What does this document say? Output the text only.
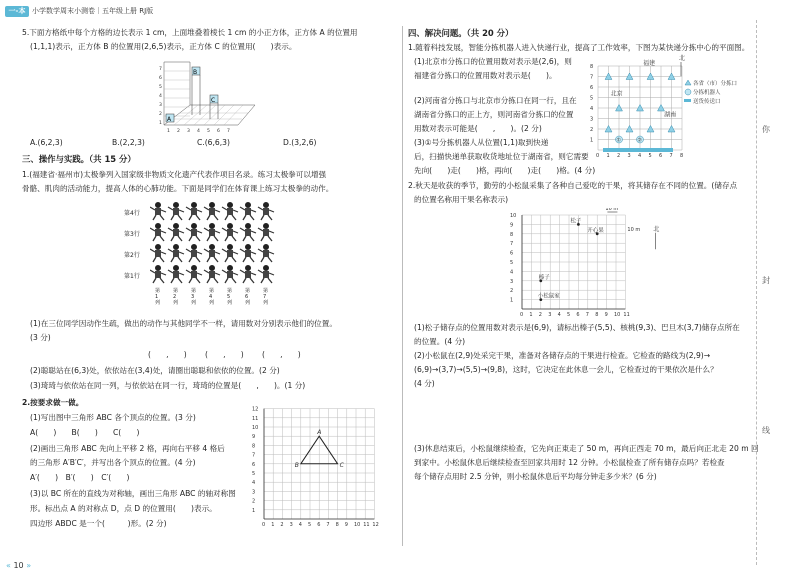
一-本 小学数学周末小测卷｜五年级上册 RJ版
你
封
线
5.下面方格纸中每个方格的边长表示 1 cm，上面堆叠着棱长 1 cm 的小正方体，正方体 A 的位置用
(1,1,1)表示，正方体 B 的位置用(2,6,5)表示，正方体 C 的位置用(　　)表示。
A
B
C
1
2
3
4
5
6
7
1 2 3 4 5 6 7
A.(6,2,3)	B.(2,2,3)	C.(6,6,3)	D.(3,2,6)
三、操作与实践。（共 15 分）
1.(福建省·福州市)太极拳列入国家级非物质文化遗产代表作项目名录。练习太极拳可以增强
骨骼、肌肉的活动能力，提高人体的心肺功能。下面是同学们在体育课上练习太极拳的动作。
第4行
第3行
第2行
第1行
第1列
第2列
第3列
第4列
第5列
第6列
第7列
(1)在三位同学因动作生疏，做出的动作与其他同学不一样，请用数对分别表示他们的位置。
(3 分)
(　　,　　) (　　,　　) (　　,　　)
(2)聪聪站在(6,3)处，依依站在(3,4)处，请圈出聪聪和依依的位置。(2 分)
(3)琦琦与依依站在同一列，与依依站在同一行，琦琦的位置是(　　,　　)。(1 分)
2.按要求做一做。
(1)写出图中三角形 ABC 各个顶点的位置。(3 分)
A(　　)　　B(　　)　　C(　　)
(2)画出三角形 ABC 先向上平移 2 格，再向右平移 4 格后
的三角形 A′B′C′，并写出各个顶点的位置。(4 分)
A′(　　)　B′(　　)　C′(　　)
(3)以 BC 所在的直线为对称轴，画出三角形 ABC 的轴对称图
形。标出点 A 的对称点 D，点 D 的位置用(　　)表示。
四边形 ABDC 是一个(　　　)形。(2 分)	0 1 2 3 4 5 6 7 8 9 10 11 12
1
2
3
4
5
6
7
8
9
10
11
12
A
B	C
四、解决问题。（共 20 分）
1.随着科技发展，智能分拣机器人进入快递行业，提高了工作效率，下图为某快递分拣中心的平面图。
(1)北京市分拣口的位置用数对表示是(2,6)，则
福建省分拣口的位置用数对表示是(　　)。
(2)河南省分拣口与北京市分拣口在同一行，且在
湖南省分拣口的正上方，则河南省分拣口的位置
用数对表示可能是(　　,　　)。(2 分)
(3)①号分拣机器人从位置(1,1)取到快递
后，扫描快递单获取收货地址位于湖南省，则它需要
先向(　　)走(　　)格，再向(　　)走(　　)格。(4 分)
0 1 2 3 4 5 6 7 8
1
2
3
4
5
6
7
8
①	②
福建
北京
湖南
北
各省（市）分拣口
分拣机器人
送货传送口
2.秋天是收获的季节，勤劳的小松鼠采集了各种自己爱吃的干果，将其储存在不同的位置。(储存点
的位置名称用干果名称表示)
0 1 2 3 4 5 6 7 8 9 10 11
1
2
3
4
5
6
7
8
9
10
松子
开心果
榛子
小松鼠家
10 m
10 m 北
(1)松子储存点的位置用数对表示是(6,9)，请标出榛子(5,5)、核桃(9,3)、巴旦木(3,7)储存点所在
的位置。(4 分)
(2)小松鼠在(2,9)处采完干果，准备对各储存点的干果进行检查。它检查的路线为(2,9)→
(6,9)→(3,7)→(5,5)→(9,8)，这时，它决定在此休息一会儿，它检查过的干果依次是什么？
(4 分)
(3)休息结束后，小松鼠继续检查，它先向正東走了 50 m，再向正西走 70 m，最后向正北走 20 m 回
到家中。小松鼠休息后继续检查至回家共用时 12 分钟。小松鼠检查了所有储存点吗？若检查
每个储存点用时 2.5 分钟，则小松鼠休息后平均每分钟走多少米？(6 分)
« 10 »
